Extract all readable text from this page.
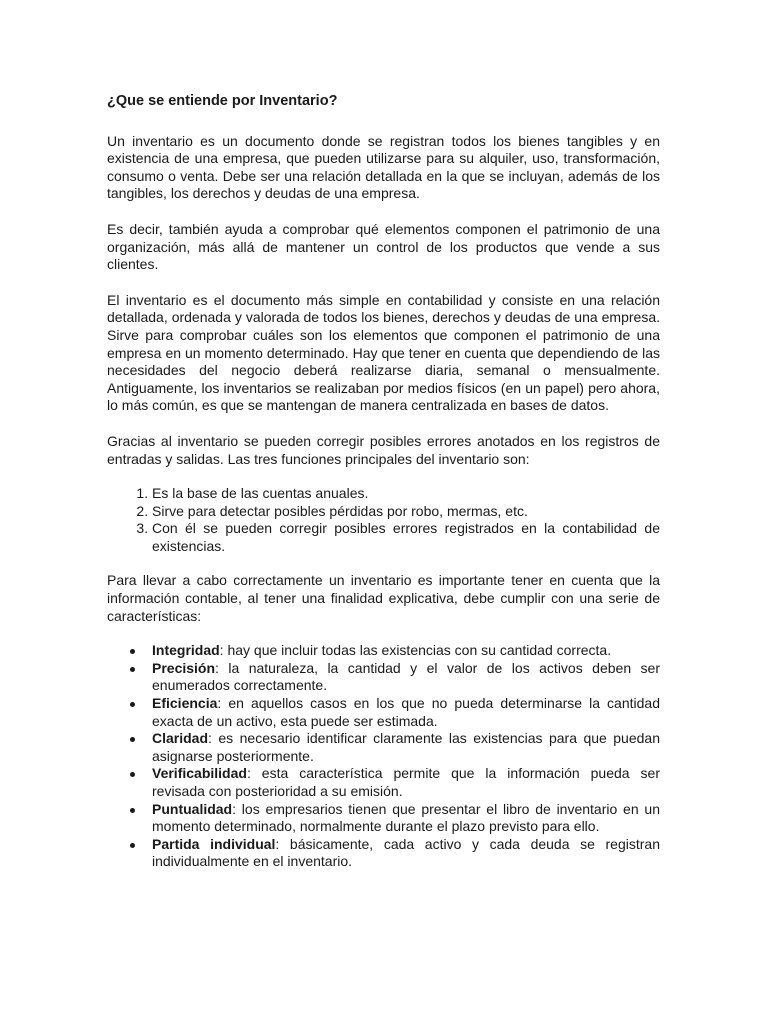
¿Que se entiende por Inventario?

Un inventario es un documento donde se registran todos los bienes tangibles y en existencia de una empresa, que pueden utilizarse para su alquiler, uso, transformación, consumo o venta. Debe ser una relación detallada en la que se incluyan, además de los tangibles, los derechos y deudas de una empresa.

Es decir, también ayuda a comprobar qué elementos componen el patrimonio de una organización, más allá de mantener un control de los productos que vende a sus clientes.

El inventario es el documento más simple en contabilidad y consiste en una relación detallada, ordenada y valorada de todos los bienes, derechos y deudas de una empresa. Sirve para comprobar cuáles son los elementos que componen el patrimonio de una empresa en un momento determinado. Hay que tener en cuenta que dependiendo de las necesidades del negocio deberá realizarse diaria, semanal o mensualmente. Antiguamente, los inventarios se realizaban por medios físicos (en un papel) pero ahora, lo más común, es que se mantengan de manera centralizada en bases de datos.

Gracias al inventario se pueden corregir posibles errores anotados en los registros de entradas y salidas. Las tres funciones principales del inventario son:

1. Es la base de las cuentas anuales.
2. Sirve para detectar posibles pérdidas por robo, mermas, etc.
3. Con él se pueden corregir posibles errores registrados en la contabilidad de existencias.

Para llevar a cabo correctamente un inventario es importante tener en cuenta que la información contable, al tener una finalidad explicativa, debe cumplir con una serie de características:

Integridad: hay que incluir todas las existencias con su cantidad correcta.
Precisión: la naturaleza, la cantidad y el valor de los activos deben ser enumerados correctamente.
Eficiencia: en aquellos casos en los que no pueda determinarse la cantidad exacta de un activo, esta puede ser estimada.
Claridad: es necesario identificar claramente las existencias para que puedan asignarse posteriormente.
Verificabilidad: esta característica permite que la información pueda ser revisada con posterioridad a su emisión.
Puntualidad: los empresarios tienen que presentar el libro de inventario en un momento determinado, normalmente durante el plazo previsto para ello.
Partida individual: básicamente, cada activo y cada deuda se registran individualmente en el inventario.
